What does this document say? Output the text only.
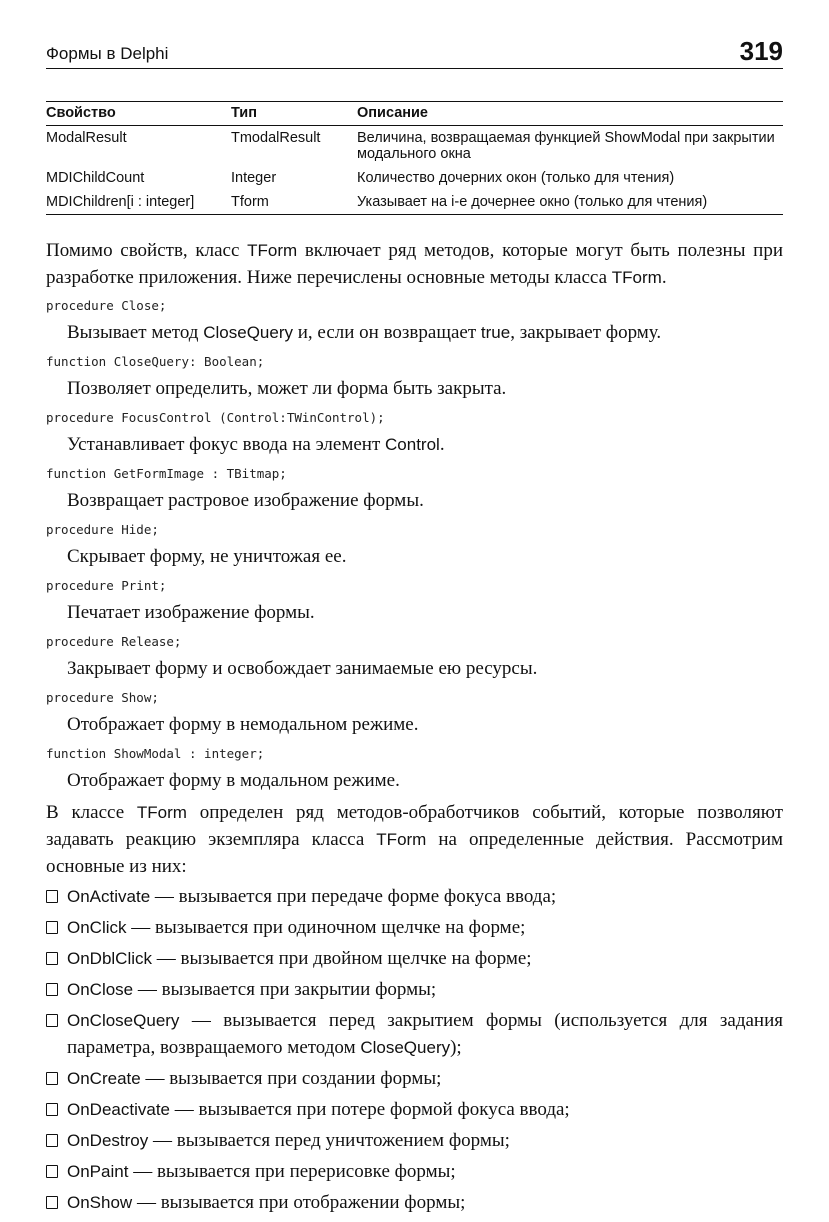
Формы в Delphi	319
Свойство	Тип	Описание
ModalResult	TmodalResult	Величина, возвращаемая функцией ShowModal при закрытии модального окна
MDIChildCount	Integer	Количество дочерних окон (только для чтения)
MDIChildren[i : integer]	Tform	Указывает на i-е дочернее окно (только для чтения)

Помимо свойств, класс TForm включает ряд методов, которые могут быть полезны при разработке приложения. Ниже перечислены основные методы класса TForm.

procedure Close;

Вызывает метод CloseQuery и, если он возвращает true, закрывает форму.

function CloseQuery: Boolean;

Позволяет определить, может ли форма быть закрыта.

procedure FocusControl (Control:TWinControl);

Устанавливает фокус ввода на элемент Control.

function GetFormImage : TBitmap;

Возвращает растровое изображение формы.

procedure Hide;

Скрывает форму, не уничтожая ее.

procedure Print;

Печатает изображение формы.

procedure Release;

Закрывает форму и освобождает занимаемые ею ресурсы.

procedure Show;

Отображает форму в немодальном режиме.

function ShowModal : integer;

Отображает форму в модальном режиме.

В классе TForm определен ряд методов-обработчиков событий, которые позволяют задавать реакцию экземпляра класса TForm на определенные действия. Рассмотрим основные из них:

OnActivate — вызывается при передаче форме фокуса ввода;
OnClick — вызывается при одиночном щелчке на форме;
OnDblClick — вызывается при двойном щелчке на форме;
OnClose — вызывается при закрытии формы;
OnCloseQuery — вызывается перед закрытием формы (используется для задания параметра, возвращаемого методом CloseQuery);
OnCreate — вызывается при создании формы;
OnDeactivate — вызывается при потере формой фокуса ввода;
OnDestroy — вызывается перед уничтожением формы;
OnPaint — вызывается при перерисовке формы;
OnShow — вызывается при отображении формы;
